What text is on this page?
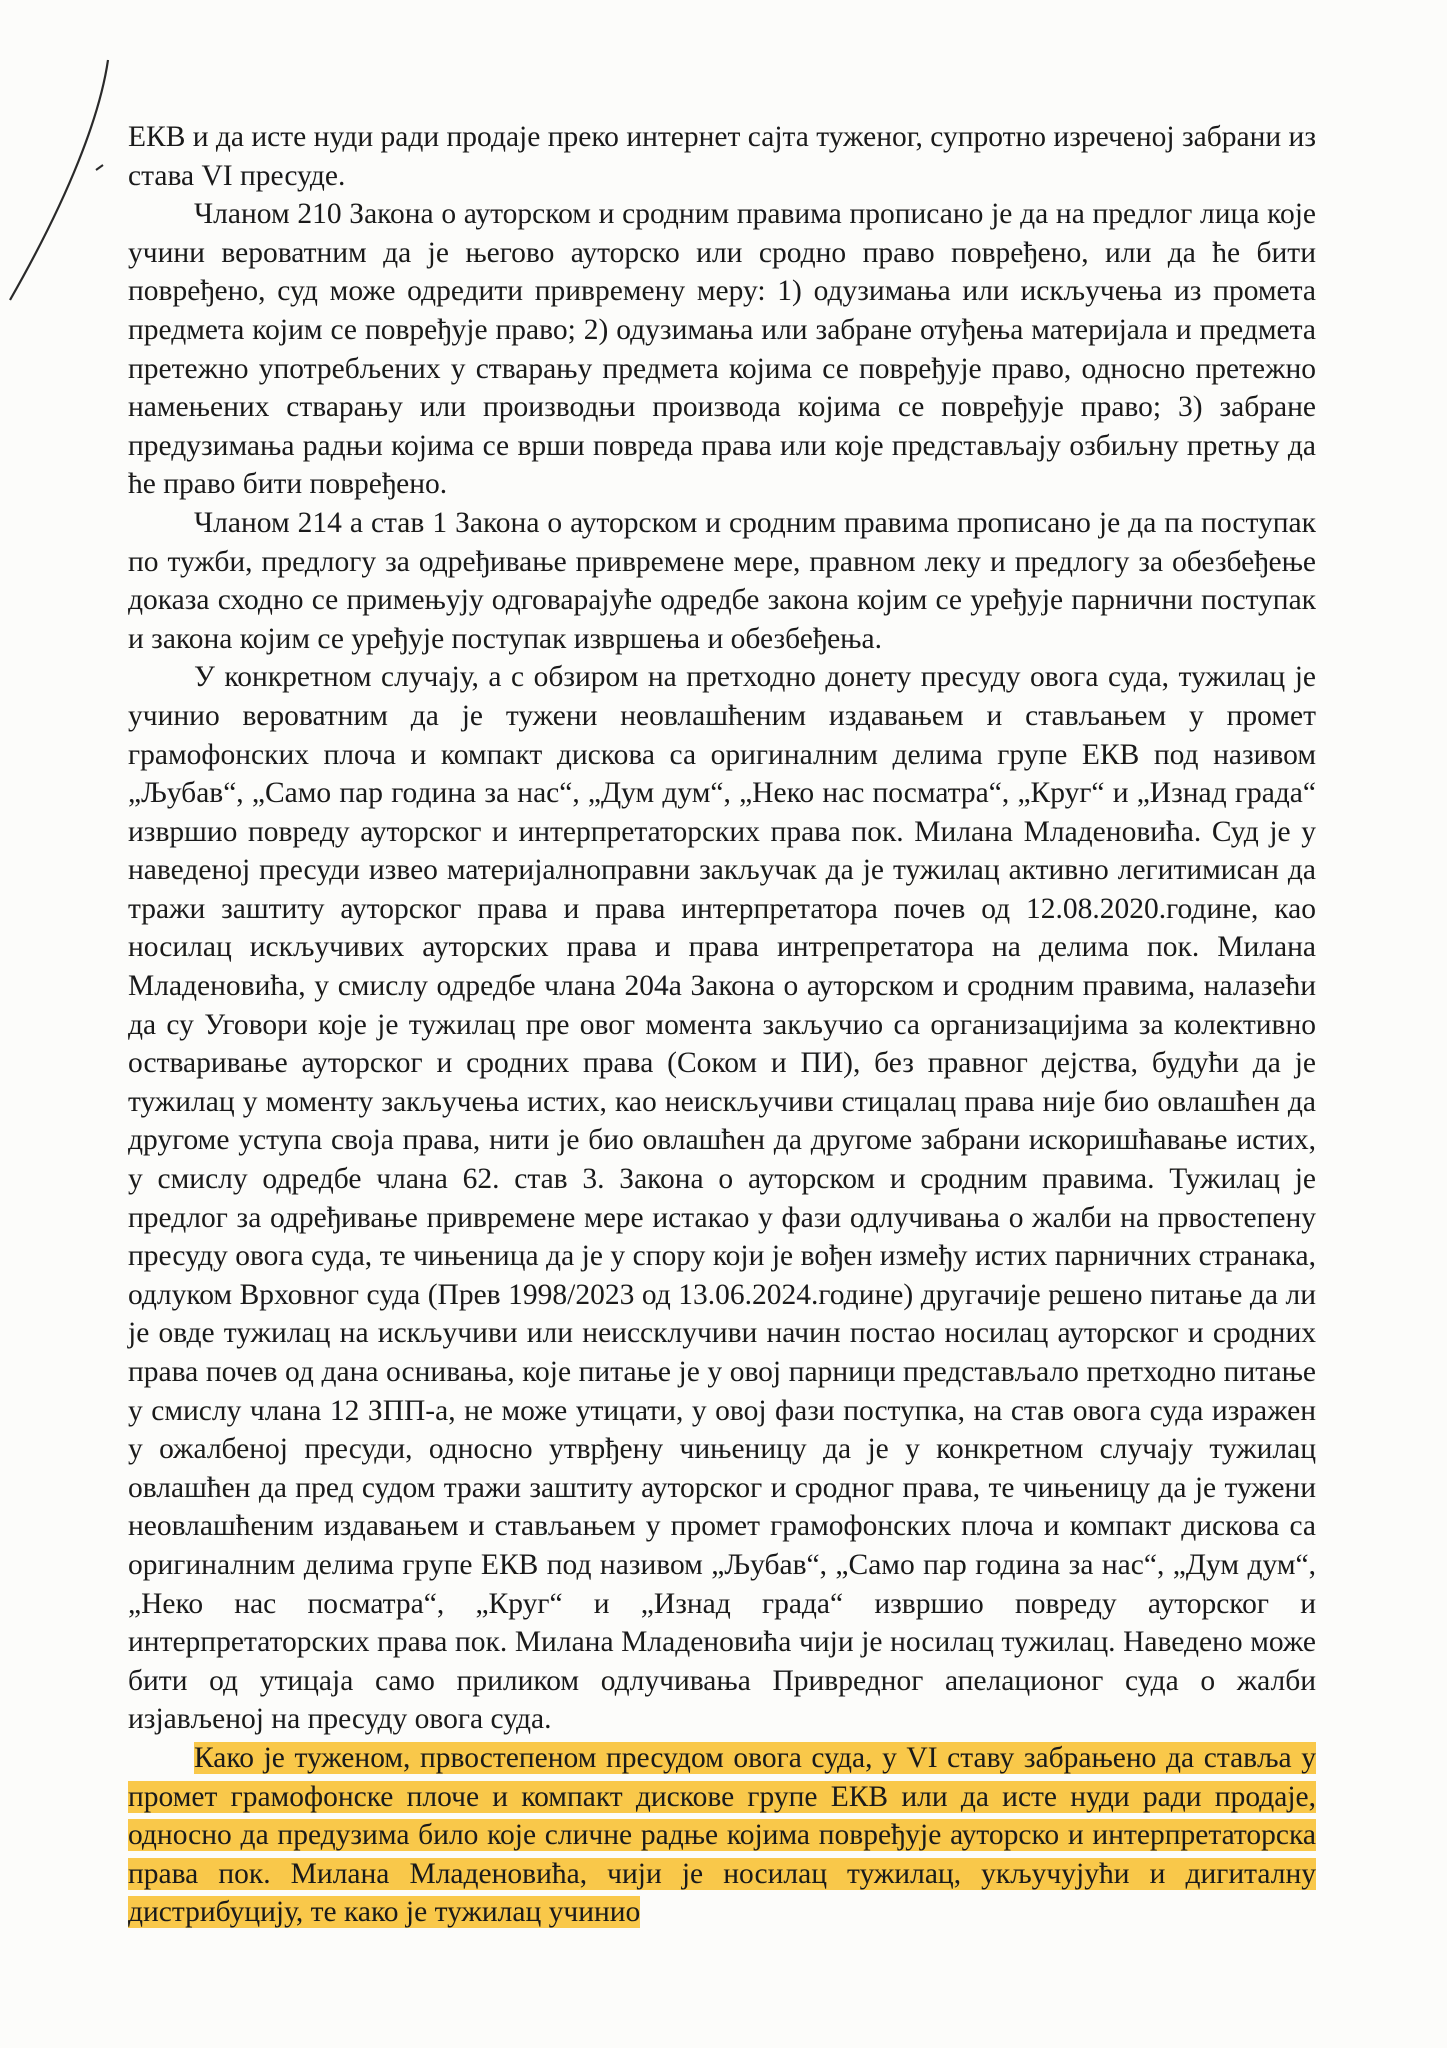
ЕКВ и да исте нуди ради продаје преко интернет сајта туженог, супротно изреченој забрани из става VI пресуде.

Чланом 210 Закона о ауторском и сродним правима прописано је да на предлог лица које учини вероватним да је његово ауторско или сродно право повређено, или да ће бити повређено, суд може одредити привремену меру: 1) одузимања или искључења из промета предмета којим се повређује право; 2) одузимања или забране отуђења материјала и предмета претежно употребљених у стварању предмета којима се повређује право, односно претежно намењених стварању или производњи производа којима се повређује право; 3) забране предузимања радњи којима се врши повреда права или које представљају озбиљну претњу да ће право бити повређено.

Чланом 214 а став 1 Закона о ауторском и сродним правима прописано је да па поступак по тужби, предлогу за одређивање привремене мере, правном леку и предлогу за обезбеђење доказа сходно се примењују одговарајуће одредбе закона којим се уређује парнични поступак и закона којим се уређује поступак извршења и обезбеђења.

У конкретном случају, а с обзиром на претходно донету пресуду овога суда, тужилац је учинио вероватним да је тужени неовлашћеним издавањем и стављањем у промет грамофонских плоча и компакт дискова са оригиналним делима групе ЕКВ под називом „Љубав“, „Само пар година за нас“, „Дум дум“, „Неко нас посматра“, „Круг“ и „Изнад града“ извршио повреду ауторског и интерпретаторских права пок. Милана Младеновића. Суд је у наведеној пресуди извео материјалноправни закључак да је тужилац активно легитимисан да тражи заштиту ауторског права и права интерпретатора почев од 12.08.2020.године, као носилац искључивих ауторских права и права интрепретатора на делима пок. Милана Младеновића, у смислу одредбе члана 204а Закона о ауторском и сродним правима, налазећи да су Уговори које је тужилац пре овог момента закључио са организацијима за колективно остваривање ауторског и сродних права (Соком и ПИ), без правног дејства, будући да је тужилац у моменту закључења истих, као неискључиви стицалац права није био овлашћен да другоме уступа своја права, нити је био овлашћен да другоме забрани искоришћавање истих, у смислу одредбе члана 62. став 3. Закона о ауторском и сродним правима. Тужилац је предлог за одређивање привремене мере истакао у фази одлучивања о жалби на првостепену пресуду овога суда, те чињеница да је у спору који је вођен између истих парничних странака, одлуком Врховног суда (Прев 1998/2023 од 13.06.2024.године) другачије решено питање да ли је овде тужилац на искључиви или неиссклучиви начин постао носилац ауторског и сродних права почев од дана оснивања, које питање је у овој парници представљало претходно питање у смислу члана 12 ЗПП-а, не може утицати, у овој фази поступка, на став овога суда изражен у ожалбеној пресуди, односно утврђену чињеницу да је у конкретном случају тужилац овлашћен да пред судом тражи заштиту ауторског и сродног права, те чињеницу да је тужени неовлашћеним издавањем и стављањем у промет грамофонских плоча и компакт дискова са оригиналним делима групе ЕКВ под називом „Љубав“, „Само пар година за нас“, „Дум дум“, „Неко нас посматра“, „Круг“ и „Изнад града“ извршио повреду ауторског и интерпретаторских права пок. Милана Младеновића чији је носилац тужилац. Наведено може бити од утицаја само приликом одлучивања Привредног апелационог суда о жалби изјављеној на пресуду овога суда.

Како је туженом, првостепеном пресудом овога суда, у VI ставу забрањено да ставља у промет грамофонске плоче и компакт дискове групе ЕКВ или да исте нуди ради продаје, односно да предузима било које сличне радње којима повређује ауторско и интерпретаторска права пок. Милана Младеновића, чији је носилац тужилац, укључујући и дигиталну дистрибуцију, те како је тужилац учинио
